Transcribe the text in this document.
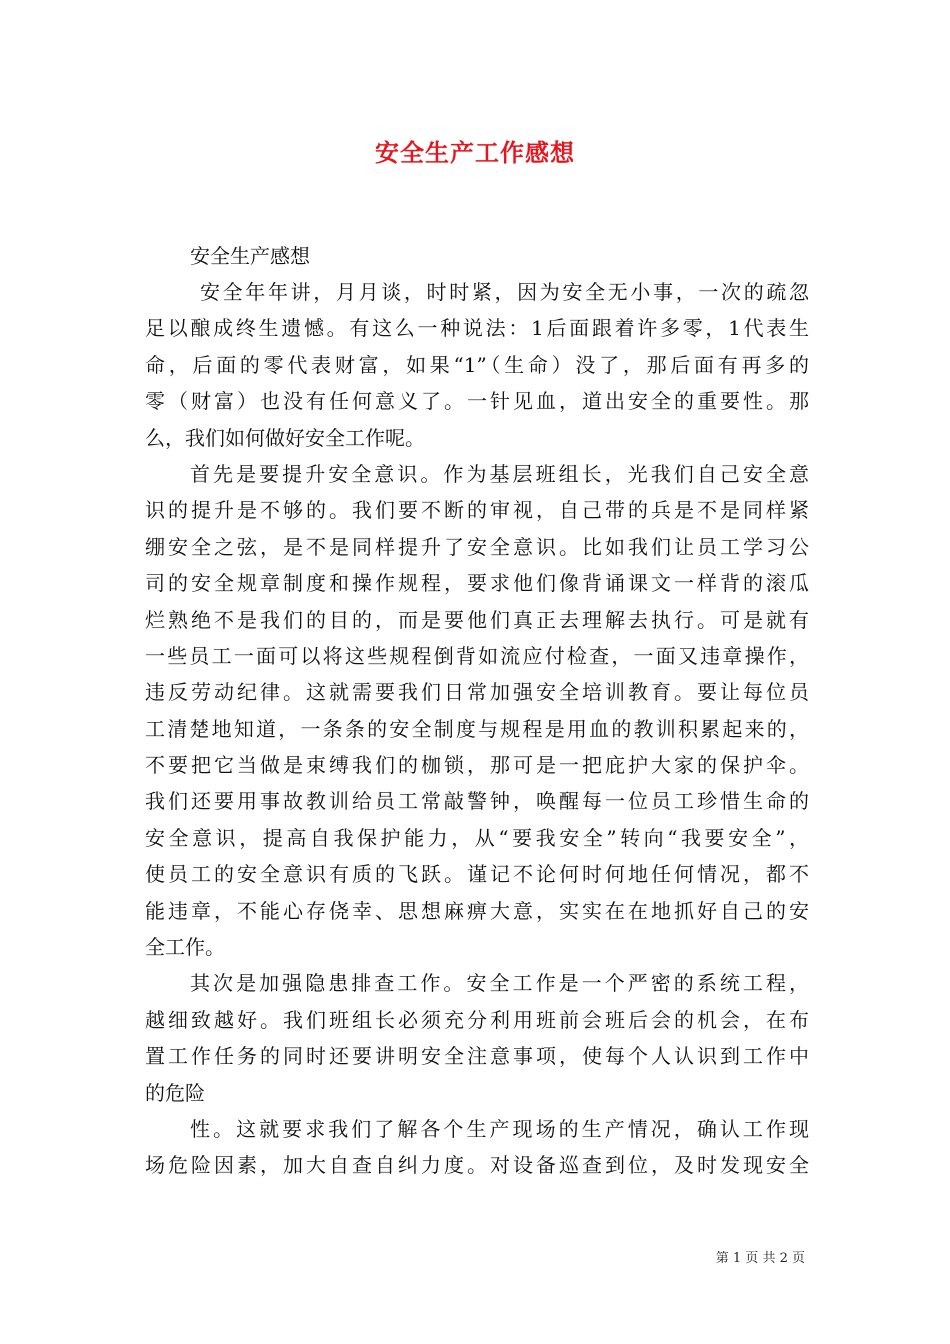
安全生产工作感想
安全生产感想
安全年年讲，月月谈，时时紧，因为安全无小事，一次的疏忽
足以酿成终生遗憾。有这么一种说法：1后面跟着许多零，1代表生
命，后面的零代表财富，如果“1”（生命）没了，那后面有再多的
零（财富）也没有任何意义了。一针见血，道出安全的重要性。那
么，我们如何做好安全工作呢。
首先是要提升安全意识。作为基层班组长，光我们自己安全意
识的提升是不够的。我们要不断的审视，自己带的兵是不是同样紧
绷安全之弦，是不是同样提升了安全意识。比如我们让员工学习公
司的安全规章制度和操作规程，要求他们像背诵课文一样背的滚瓜
烂熟绝不是我们的目的，而是要他们真正去理解去执行。可是就有
一些员工一面可以将这些规程倒背如流应付检查，一面又违章操作，
违反劳动纪律。这就需要我们日常加强安全培训教育。要让每位员
工清楚地知道，一条条的安全制度与规程是用血的教训积累起来的，
不要把它当做是束缚我们的枷锁，那可是一把庇护大家的保护伞。
我们还要用事故教训给员工常敲警钟，唤醒每一位员工珍惜生命的
安全意识，提高自我保护能力，从“要我安全”转向“我要安全”，
使员工的安全意识有质的飞跃。谨记不论何时何地任何情况，都不
能违章，不能心存侥幸、思想麻痹大意，实实在在地抓好自己的安
全工作。
其次是加强隐患排查工作。安全工作是一个严密的系统工程，
越细致越好。我们班组长必须充分利用班前会班后会的机会，在布
置工作任务的同时还要讲明安全注意事项，使每个人认识到工作中
的危险
性。这就要求我们了解各个生产现场的生产情况，确认工作现
场危险因素，加大自查自纠力度。对设备巡查到位，及时发现安全
第 1 页 共 2 页
